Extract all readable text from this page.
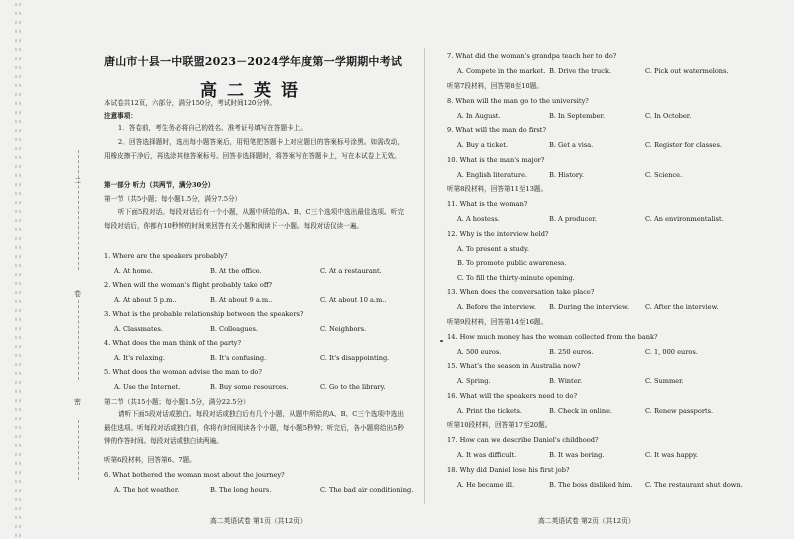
二
卷
密
唐山市十县一中联盟2023－2024学年度第一学期期中考试
高二英语
本试卷共12页，六部分，满分150分，考试时间120分钟。
注意事项：
1．答卷前，考生务必将自己的姓名、准考证号填写在答题卡上。
2．回答选择题时，选出每小题答案后，用铅笔把答题卡上对应题目的答案标号涂黑。如需改动，用橡皮擦干净后，再选涂其他答案标号。回答非选择题时，将答案写在答题卡上，写在本试卷上无效。
第一部分 听力（共两节，满分30分）
第一节（共5小题；每小题1.5分，满分7.5分）
听下面5段对话。每段对话后有一个小题，从题中所给的A、B、C三个选项中选出最佳选项。听完每段对话后，你都有10秒钟的时间来回答有关小题和阅读下一小题。每段对话仅读一遍。
1. Where are the speakers probably?
A. At home.	B. At the office.	C. At a restaurant.
2. When will the woman's flight probably take off?
A. At about 5 p.m..	B. At about 9 a.m..	C. At about 10 a.m..
3. What is the probable relationship between the speakers?
A. Classmates.	B. Colleagues.	C. Neighbors.
4. What does the man think of the party?
A. It's relaxing.	B. It's confusing.	C. It's disappointing.
5. What does the woman advise the man to do?
A. Use the Internet.	B. Buy some resources.	C. Go to the library.
6. What bothered the woman most about the journey?
A. The hot weather.	B. The long hours.	C. The bad air conditioning.
第二节（共15小题；每小题1.5分，满分22.5分）
请听下面5段对话或独白。每段对话或独白后有几个小题，从题中所给的A、B、C三个选项中选出最佳选项。听每段对话或独白前，你将有时间阅读各个小题，每小题5秒钟；听完后，各小题将给出5秒钟的作答时间。每段对话或独白读两遍。
听第6段材料，回答第6、7题。
7. What did the woman's grandpa teach her to do?
A. Compete in the market. B. Drive the truck.	C. Pick out watermelons.
听第7段材料，回答第8至10题。
8. When will the man go to the university?
A. In August.	B. In September.	C. In October.
9. What will the man do first?
A. Buy a ticket.	B. Get a visa.	C. Register for classes.
10. What is the man's major?
A. English literature.	B. History.	C. Science.
听第8段材料，回答第11至13题。
11. What is the woman?
A. A hostess.	B. A producer.	C. An environmentalist.
12. Why is the interview held?
A. To present a study.
B. To promote public awareness.
C. To fill the thirty-minute opening.
13. When does the conversation take place?
A. Before the interview. B. During the interview. C. After the interview.
听第9段材料，回答第14至16题。
14. How much money has the woman collected from the bank?
A. 500 euros.	B. 250 euros.	C. 1, 000 euros.
15. What's the season in Australia now?
A. Spring.	B. Winter.	C. Summer.
16. What will the speakers need to do?
A. Print the tickets.	B. Check in online.	C. Renew passports.
听第10段材料，回答第17至20题。
17. How can we describe Daniel's childhood?
A. It was difficult.	B. It was boring.	C. It was happy.
18. Why did Daniel lose his first job?
A. He became ill.	B. The boss disliked him. C. The restaurant shut down.
高二英语试卷 第1页（共12页）	高二英语试卷 第2页（共12页）
